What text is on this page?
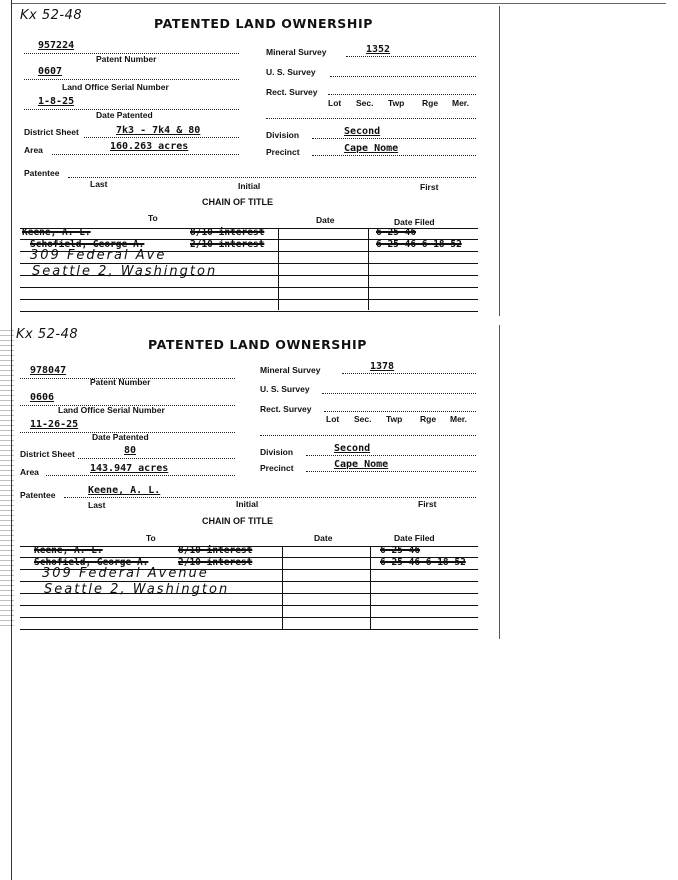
Kx 52-48
PATENTED LAND OWNERSHIP
957224
Patent Number
0607
Land Office Serial Number
1-8-25
Date Patented
District Sheet	7k3 - 7k4 & 80
Area	160.263 acres
Mineral Survey	1352
U. S. Survey
Rect. Survey
Lot Sec. Twp Rge Mer.
Division	Second
Precinct	Cape Nome
Patentee
Last	Initial	First
CHAIN OF TITLE
To	Date	Date Filed
Keene, A. L.	8/10 interest	6-25-46
Schofield, George A.	2/10 interest	6-25-46 6-18-52
309 Federal Ave
Seattle 2, Washington
Kx 52-48
PATENTED LAND OWNERSHIP
978047
Patent Number
0606
Land Office Serial Number
11-26-25
Date Patented
District Sheet	80
Area	143.947 acres
Mineral Survey	1378
U. S. Survey
Rect. Survey
Lot Sec. Twp Rge Mer.
Division	Second
Precinct	Cape Nome
Patentee	Keene, A. L.
Last	Initial	First
CHAIN OF TITLE
To	Date	Date Filed
Keene, A. L.	8/10 interest	6-25-46
Schofield, George A.	2/10 interest	6-25-46 6-18-52
309 Federal Avenue
Seattle 2, Washington
